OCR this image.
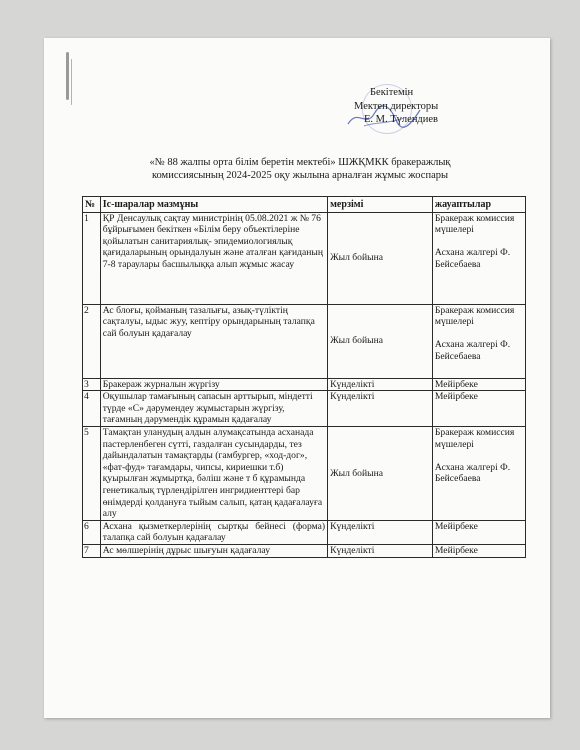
Бекітемін
Мектеп директоры
Е. М. Түлендиев
«№ 88 жалпы орта білім беретін мектебі» ШЖҚМКК бракеражлық
комиссиясының 2024-2025 оқу жылына арналған жұмыс жоспары
№	Іс-шаралар мазмұны	мерзімі	жауаптылар
1	ҚР Денсаулық сақтау министрінің 05.08.2021 ж № 76 бұйрығымен бекіткен «Білім беру объектілеріне қойылатын санитариялық- эпидемиологиялық қағидаларының орындалуын және аталған қағиданың 7-8 тараулары басшылыққа алып жұмыс жасау	Жыл бойына	Бракераж комиссия мүшелері
Асхана жалгері Ф. Бейсебаева

2	Ас блоғы, қойманың тазалығы, азық-түліктің сақталуы, ыдыс жуу, кептіру орындарының талапқа сай болуын қадағалау	Жыл бойына	Бракераж комиссия мүшелері
Асхана жалгері Ф. Бейсебаева

3	Бракераж журналын жүргізу	Күнделікті	Мейірбеке

4	Оқушылар тамағының сапасын арттырып, міндетті түрде «С» дәрумендеу жұмыстарын жүргізу, тағамның дәрумендік құрамын қадағалау	Күнделікті	Мейірбеке

5	Тамақтан уланудың алдын алумақсатында асханада пастерленбеген сүтті, газдалған сусындарды, тез дайындалатын тамақтарды (гамбургер, «ход-дог», «фат-фуд» тағамдары, чипсы, кириешки т.б) қуырылған жұмыртқа, бәліш және т б құрамында генетикалық түрлендірілген ингридиенттері бар өнімдерді қолдануға тыйым салып, қатаң қадағалауға алу	Жыл бойына	Бракераж комиссия мүшелері
Асхана жалгері Ф. Бейсебаева

6	Асхана қызметкерлерінің сыртқы бейнесі (форма) талапқа сай болуын қадағалау	Күнделікті	Мейірбеке

7	Ас мөлшерінің дұрыс шығуын қадағалау	Күнделікті	Мейірбеке
